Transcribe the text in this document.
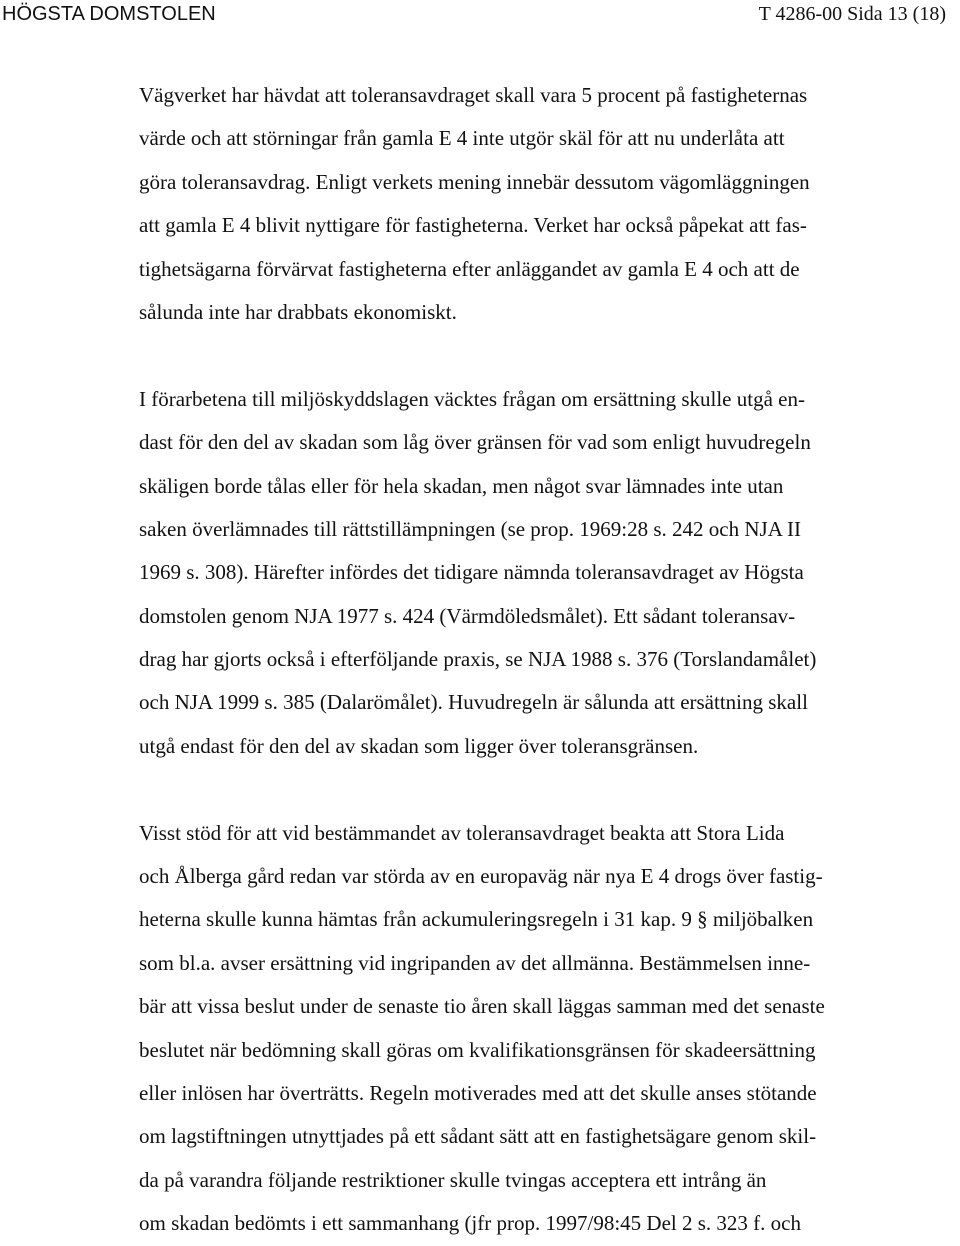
HÖGSTA DOMSTOLEN	T 4286-00 Sida 13 (18)
Vägverket har hävdat att toleransavdraget skall vara 5 procent på fastigheternas
värde och att störningar från gamla E 4 inte utgör skäl för att nu underlåta att
göra toleransavdrag. Enligt verkets mening innebär dessutom vägomläggningen
att gamla E 4 blivit nyttigare för fastigheterna. Verket har också påpekat att fas-
tighetsägarna förvärvat fastigheterna efter anläggandet av gamla E 4 och att de
sålunda inte har drabbats ekonomiskt.
I förarbetena till miljöskyddslagen väcktes frågan om ersättning skulle utgå en-
dast för den del av skadan som låg över gränsen för vad som enligt huvudregeln
skäligen borde tålas eller för hela skadan, men något svar lämnades inte utan
saken överlämnades till rättstillämpningen (se prop. 1969:28 s. 242 och NJA II
1969 s. 308). Härefter infördes det tidigare nämnda toleransavdraget av Högsta
domstolen genom NJA 1977 s. 424 (Värmdöledsmålet). Ett sådant toleransav-
drag har gjorts också i efterföljande praxis, se NJA 1988 s. 376 (Torslandamålet)
och NJA 1999 s. 385 (Dalarömålet). Huvudregeln är sålunda att ersättning skall
utgå endast för den del av skadan som ligger över toleransgränsen.
Visst stöd för att vid bestämmandet av toleransavdraget beakta att Stora Lida
och Ålberga gård redan var störda av en europaväg när nya E 4 drogs över fastig-
heterna skulle kunna hämtas från ackumuleringsregeln i 31 kap. 9 § miljöbalken
som bl.a. avser ersättning vid ingripanden av det allmänna. Bestämmelsen inne-
bär att vissa beslut under de senaste tio åren skall läggas samman med det senaste
beslutet när bedömning skall göras om kvalifikationsgränsen för skadeersättning
eller inlösen har överträtts. Regeln motiverades med att det skulle anses stötande
om lagstiftningen utnyttjades på ett sådant sätt att en fastighetsägare genom skil-
da på varandra följande restriktioner skulle tvingas acceptera ett intrång än
om skadan bedömts i ett sammanhang (jfr prop. 1997/98:45 Del 2 s. 323 f. och
